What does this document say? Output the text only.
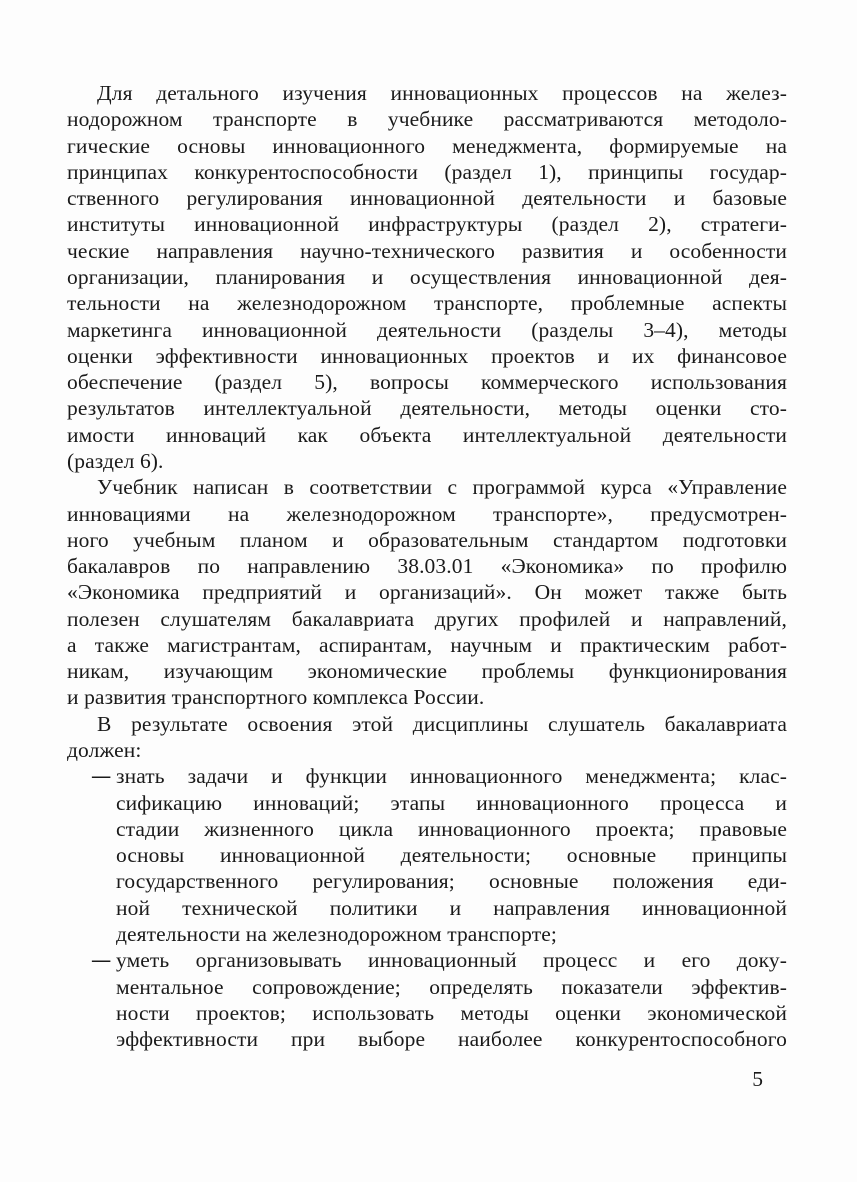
Для детального изучения инновационных процессов на желез-
нодорожном транспорте в учебнике рассматриваются методоло-
гические основы инновационного менеджмента, формируемые на
принципах конкурентоспособности (раздел 1), принципы государ-
ственного регулирования инновационной деятельности и базовые
институты инновационной инфраструктуры (раздел 2), стратеги-
ческие направления научно-технического развития и особенности
организации, планирования и осуществления инновационной дея-
тельности на железнодорожном транспорте, проблемные аспекты
маркетинга инновационной деятельности (разделы 3–4), методы
оценки эффективности инновационных проектов и их финансовое
обеспечение (раздел 5), вопросы коммерческого использования
результатов интеллектуальной деятельности, методы оценки сто-
имости инноваций как объекта интеллектуальной деятельности
(раздел 6).
Учебник написан в соответствии с программой курса «Управление
инновациями на железнодорожном транспорте», предусмотрен-
ного учебным планом и образовательным стандартом подготовки
бакалавров по направлению 38.03.01 «Экономика» по профилю
«Экономика предприятий и организаций». Он может также быть
полезен слушателям бакалавриата других профилей и направлений,
а также магистрантам, аспирантам, научным и практическим работ-
никам, изучающим экономические проблемы функционирования
и развития транспортного комплекса России.
В результате освоения этой дисциплины слушатель бакалавриата
должен:
— знать задачи и функции инновационного менеджмента; клас-
сификацию инноваций; этапы инновационного процесса и
стадии жизненного цикла инновационного проекта; правовые
основы инновационной деятельности; основные принципы
государственного регулирования; основные положения еди-
ной технической политики и направления инновационной
деятельности на железнодорожном транспорте;
— уметь организовывать инновационный процесс и его доку-
ментальное сопровождение; определять показатели эффектив-
ности проектов; использовать методы оценки экономической
эффективности при выборе наиболее конкурентоспособного
5
